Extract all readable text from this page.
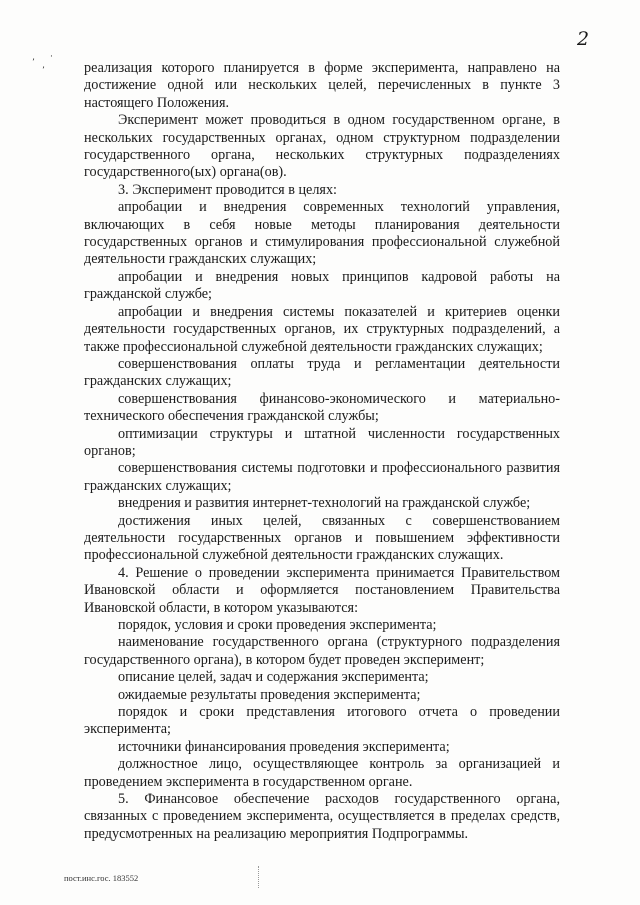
2
ʼ
ʼ
·

реализация которого планируется в форме эксперимента, направлено на достижение одной или нескольких целей, перечисленных в пункте 3 настоящего Положения.

Эксперимент может проводиться в одном государственном органе, в нескольких государственных органах, одном структурном подразделении государственного органа, нескольких структурных подразделениях государственного(ых) органа(ов).

3. Эксперимент проводится в целях:

апробации и внедрения современных технологий управления, включающих в себя новые методы планирования деятельности государственных органов и стимулирования профессиональной служебной деятельности гражданских служащих;

апробации и внедрения новых принципов кадровой работы на гражданской службе;

апробации и внедрения системы показателей и критериев оценки деятельности государственных органов, их структурных подразделений, а также профессиональной служебной деятельности гражданских служащих;

совершенствования оплаты труда и регламентации деятельности гражданских служащих;

совершенствования финансово-экономического и материально-технического обеспечения гражданской службы;

оптимизации структуры и штатной численности государственных органов;

совершенствования системы подготовки и профессионального развития гражданских служащих;

внедрения и развития интернет-технологий на гражданской службе;

достижения иных целей, связанных с совершенствованием деятельности государственных органов и повышением эффективности профессиональной служебной деятельности гражданских служащих.

4. Решение о проведении эксперимента принимается Правительством Ивановской области и оформляется постановлением Правительства Ивановской области, в котором указываются:

порядок, условия и сроки проведения эксперимента;

наименование государственного органа (структурного подразделения государственного органа), в котором будет проведен эксперимент;

описание целей, задач и содержания эксперимента;

ожидаемые результаты проведения эксперимента;

порядок и сроки представления итогового отчета о проведении эксперимента;

источники финансирования проведения эксперимента;

должностное лицо, осуществляющее контроль за организацией и проведением эксперимента в государственном органе.

5. Финансовое обеспечение расходов государственного органа, связанных с проведением эксперимента, осуществляется в пределах средств, предусмотренных на реализацию мероприятия Подпрограммы.

пост.инс.гос. 183552
